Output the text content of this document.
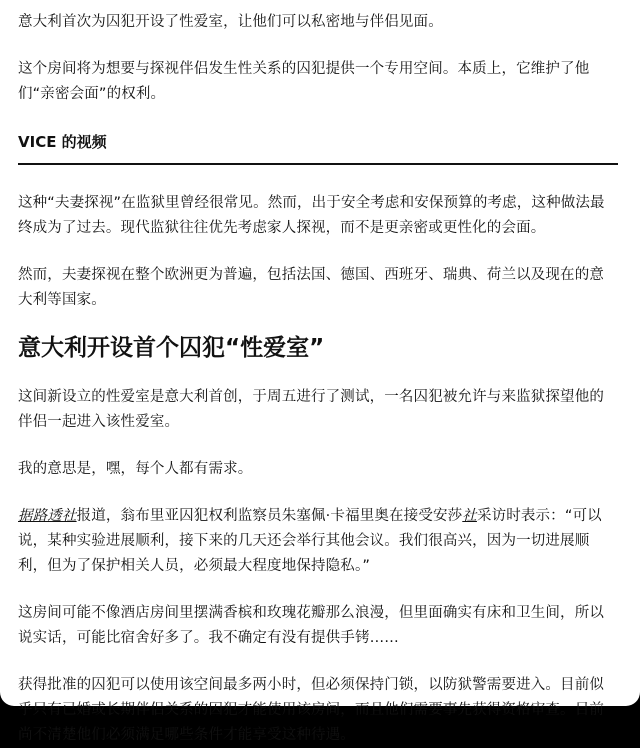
意大利首次为囚犯开设了性爱室，让他们可以私密地与伴侣见面。

这个房间将为想要与探视伴侣发生性关系的囚犯提供一个专用空间。本质上，它维护了他们“亲密会面”的权利。

VICE 的视频

这种“夫妻探视”在监狱里曾经很常见。然而，出于安全考虑和安保预算的考虑，这种做法最终成为了过去。现代监狱往往优先考虑家人探视，而不是更亲密或更性化的会面。

然而，夫妻探视在整个欧洲更为普遍，包括法国、德国、西班牙、瑞典、荷兰以及现在的意大利等国家。

意大利开设首个囚犯“性爱室”

这间新设立的性爱室是意大利首创，于周五进行了测试，一名囚犯被允许与来监狱探望他的伴侣一起进入该性爱室。

我的意思是，嘿，每个人都有需求。

据路透社报道，翁布里亚囚犯权利监察员朱塞佩·卡福里奥在接受安莎社采访时表示：“可以说，某种实验进展顺利，接下来的几天还会举行其他会议。我们很高兴，因为一切进展顺利，但为了保护相关人员，必须最大程度地保持隐私。”

这房间可能不像酒店房间里摆满香槟和玫瑰花瓣那么浪漫，但里面确实有床和卫生间，所以说实话，可能比宿舍好多了。我不确定有没有提供手铐……

获得批准的囚犯可以使用该空间最多两小时，但必须保持门锁，以防狱警需要进入。目前似乎只有已婚或长期伴侣关系的囚犯才能使用该房间，而且他们需要事先获得资格审查。目前尚不清楚他们必须满足哪些条件才能享受这种待遇。
